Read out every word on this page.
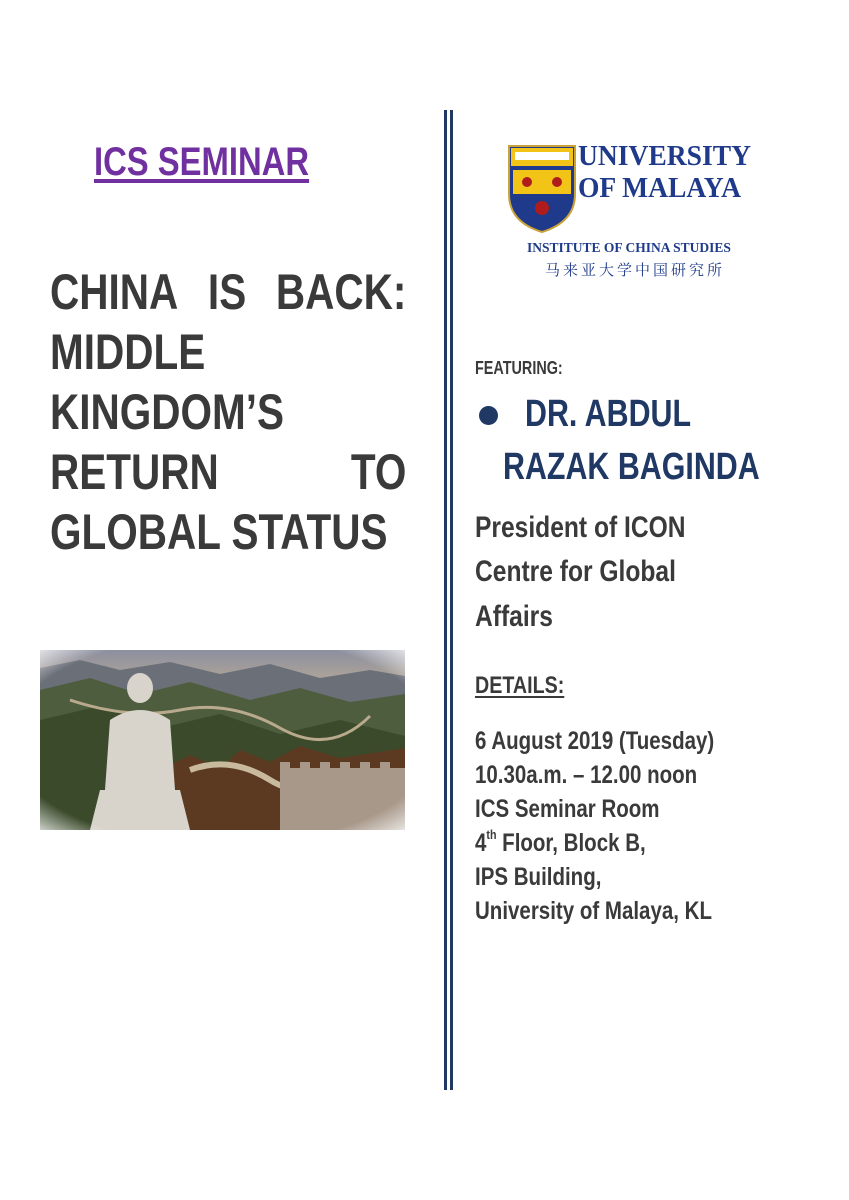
ICS SEMINAR
CHINA IS BACK:
MIDDLE
KINGDOM’S
RETURN	TO
GLOBAL STATUS
UNIVERSITY
OF MALAYA
INSTITUTE OF CHINA STUDIES
马来亚大学中国研究所
FEATURING:
DR. ABDUL
RAZAK BAGINDA
President of ICON
Centre for Global
Affairs
DETAILS:
6 August 2019 (Tuesday)
10.30a.m. – 12.00 noon
ICS Seminar Room
4th Floor, Block B,
IPS Building,
University of Malaya, KL
